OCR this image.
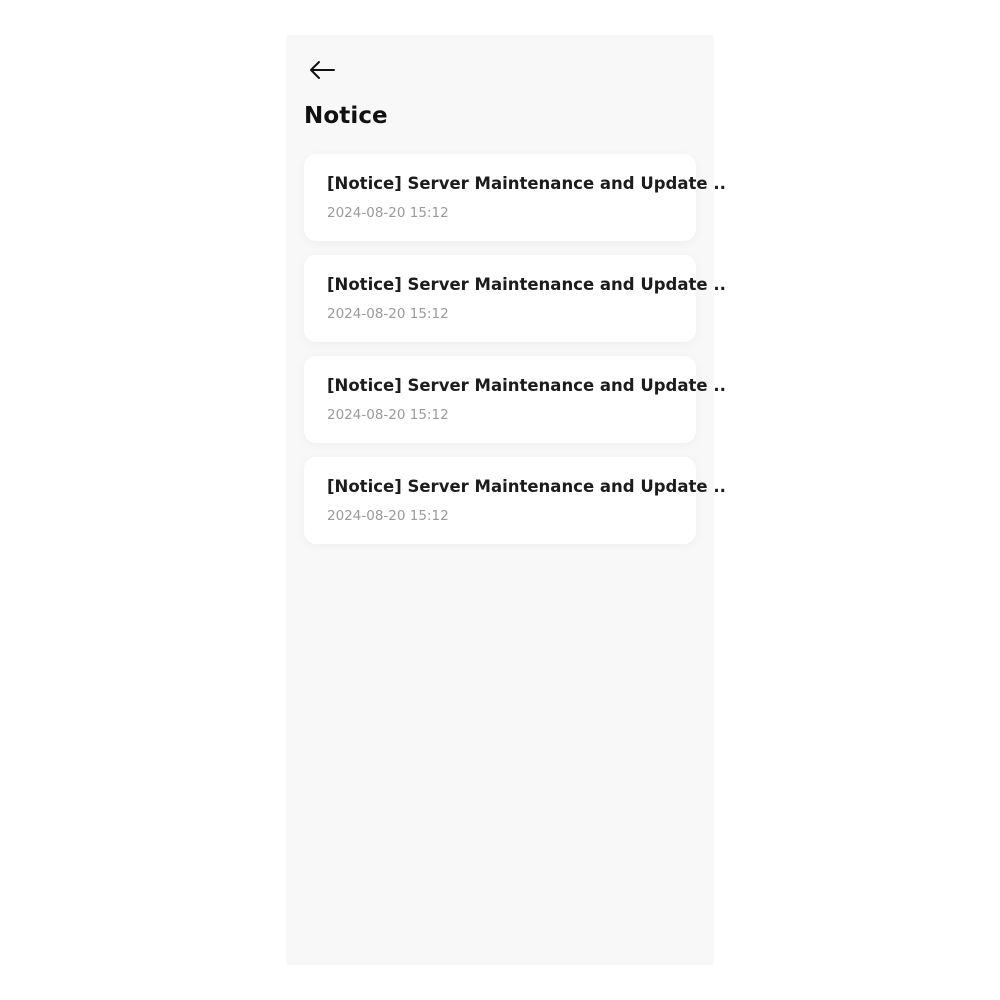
Notice
[Notice] Server Maintenance and Update ..
2024-08-20 15:12
[Notice] Server Maintenance and Update ..
2024-08-20 15:12
[Notice] Server Maintenance and Update ..
2024-08-20 15:12
[Notice] Server Maintenance and Update ..
2024-08-20 15:12
